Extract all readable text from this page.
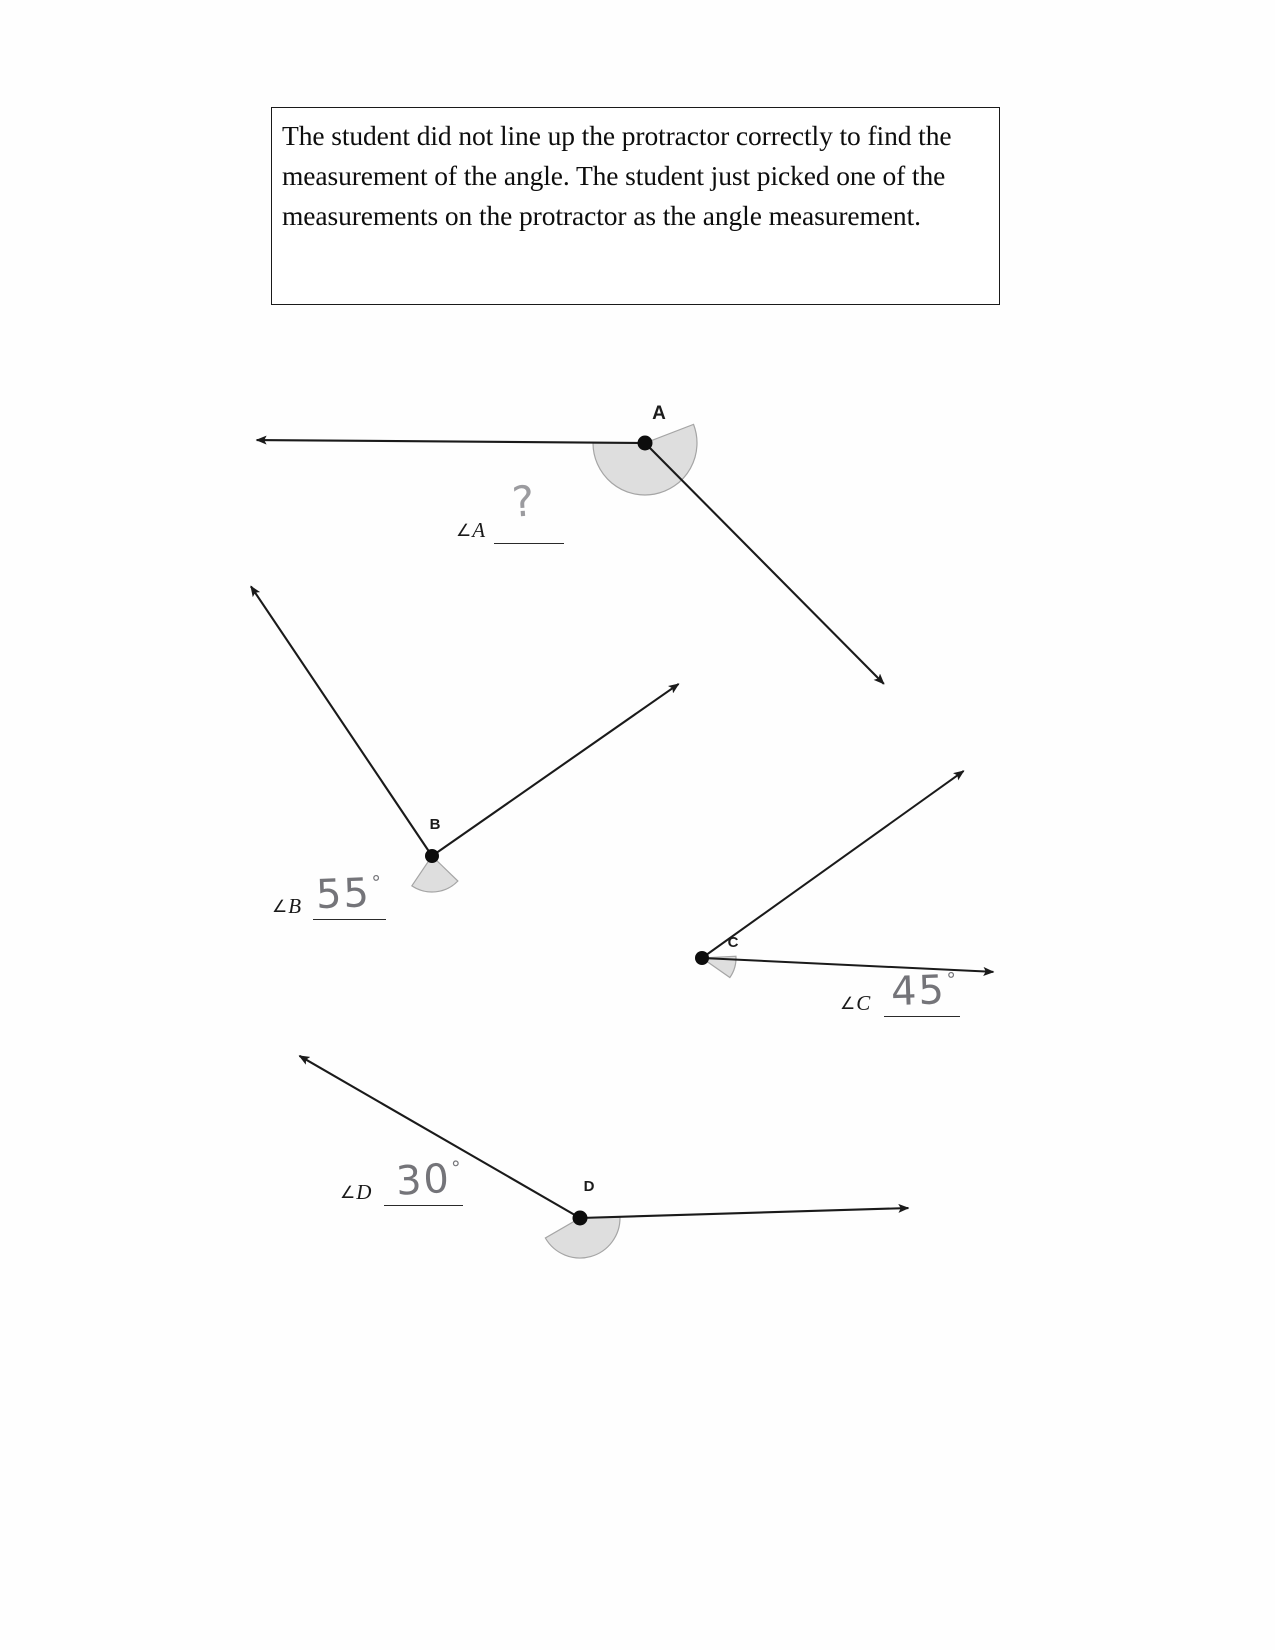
The student did not line up the protractor correctly to find the measurement of the angle. The student just picked one of the measurements on the protractor as the angle measurement.
A
B
C
D
∠A
?
∠B 55°
∠C 45°
∠D 30°
